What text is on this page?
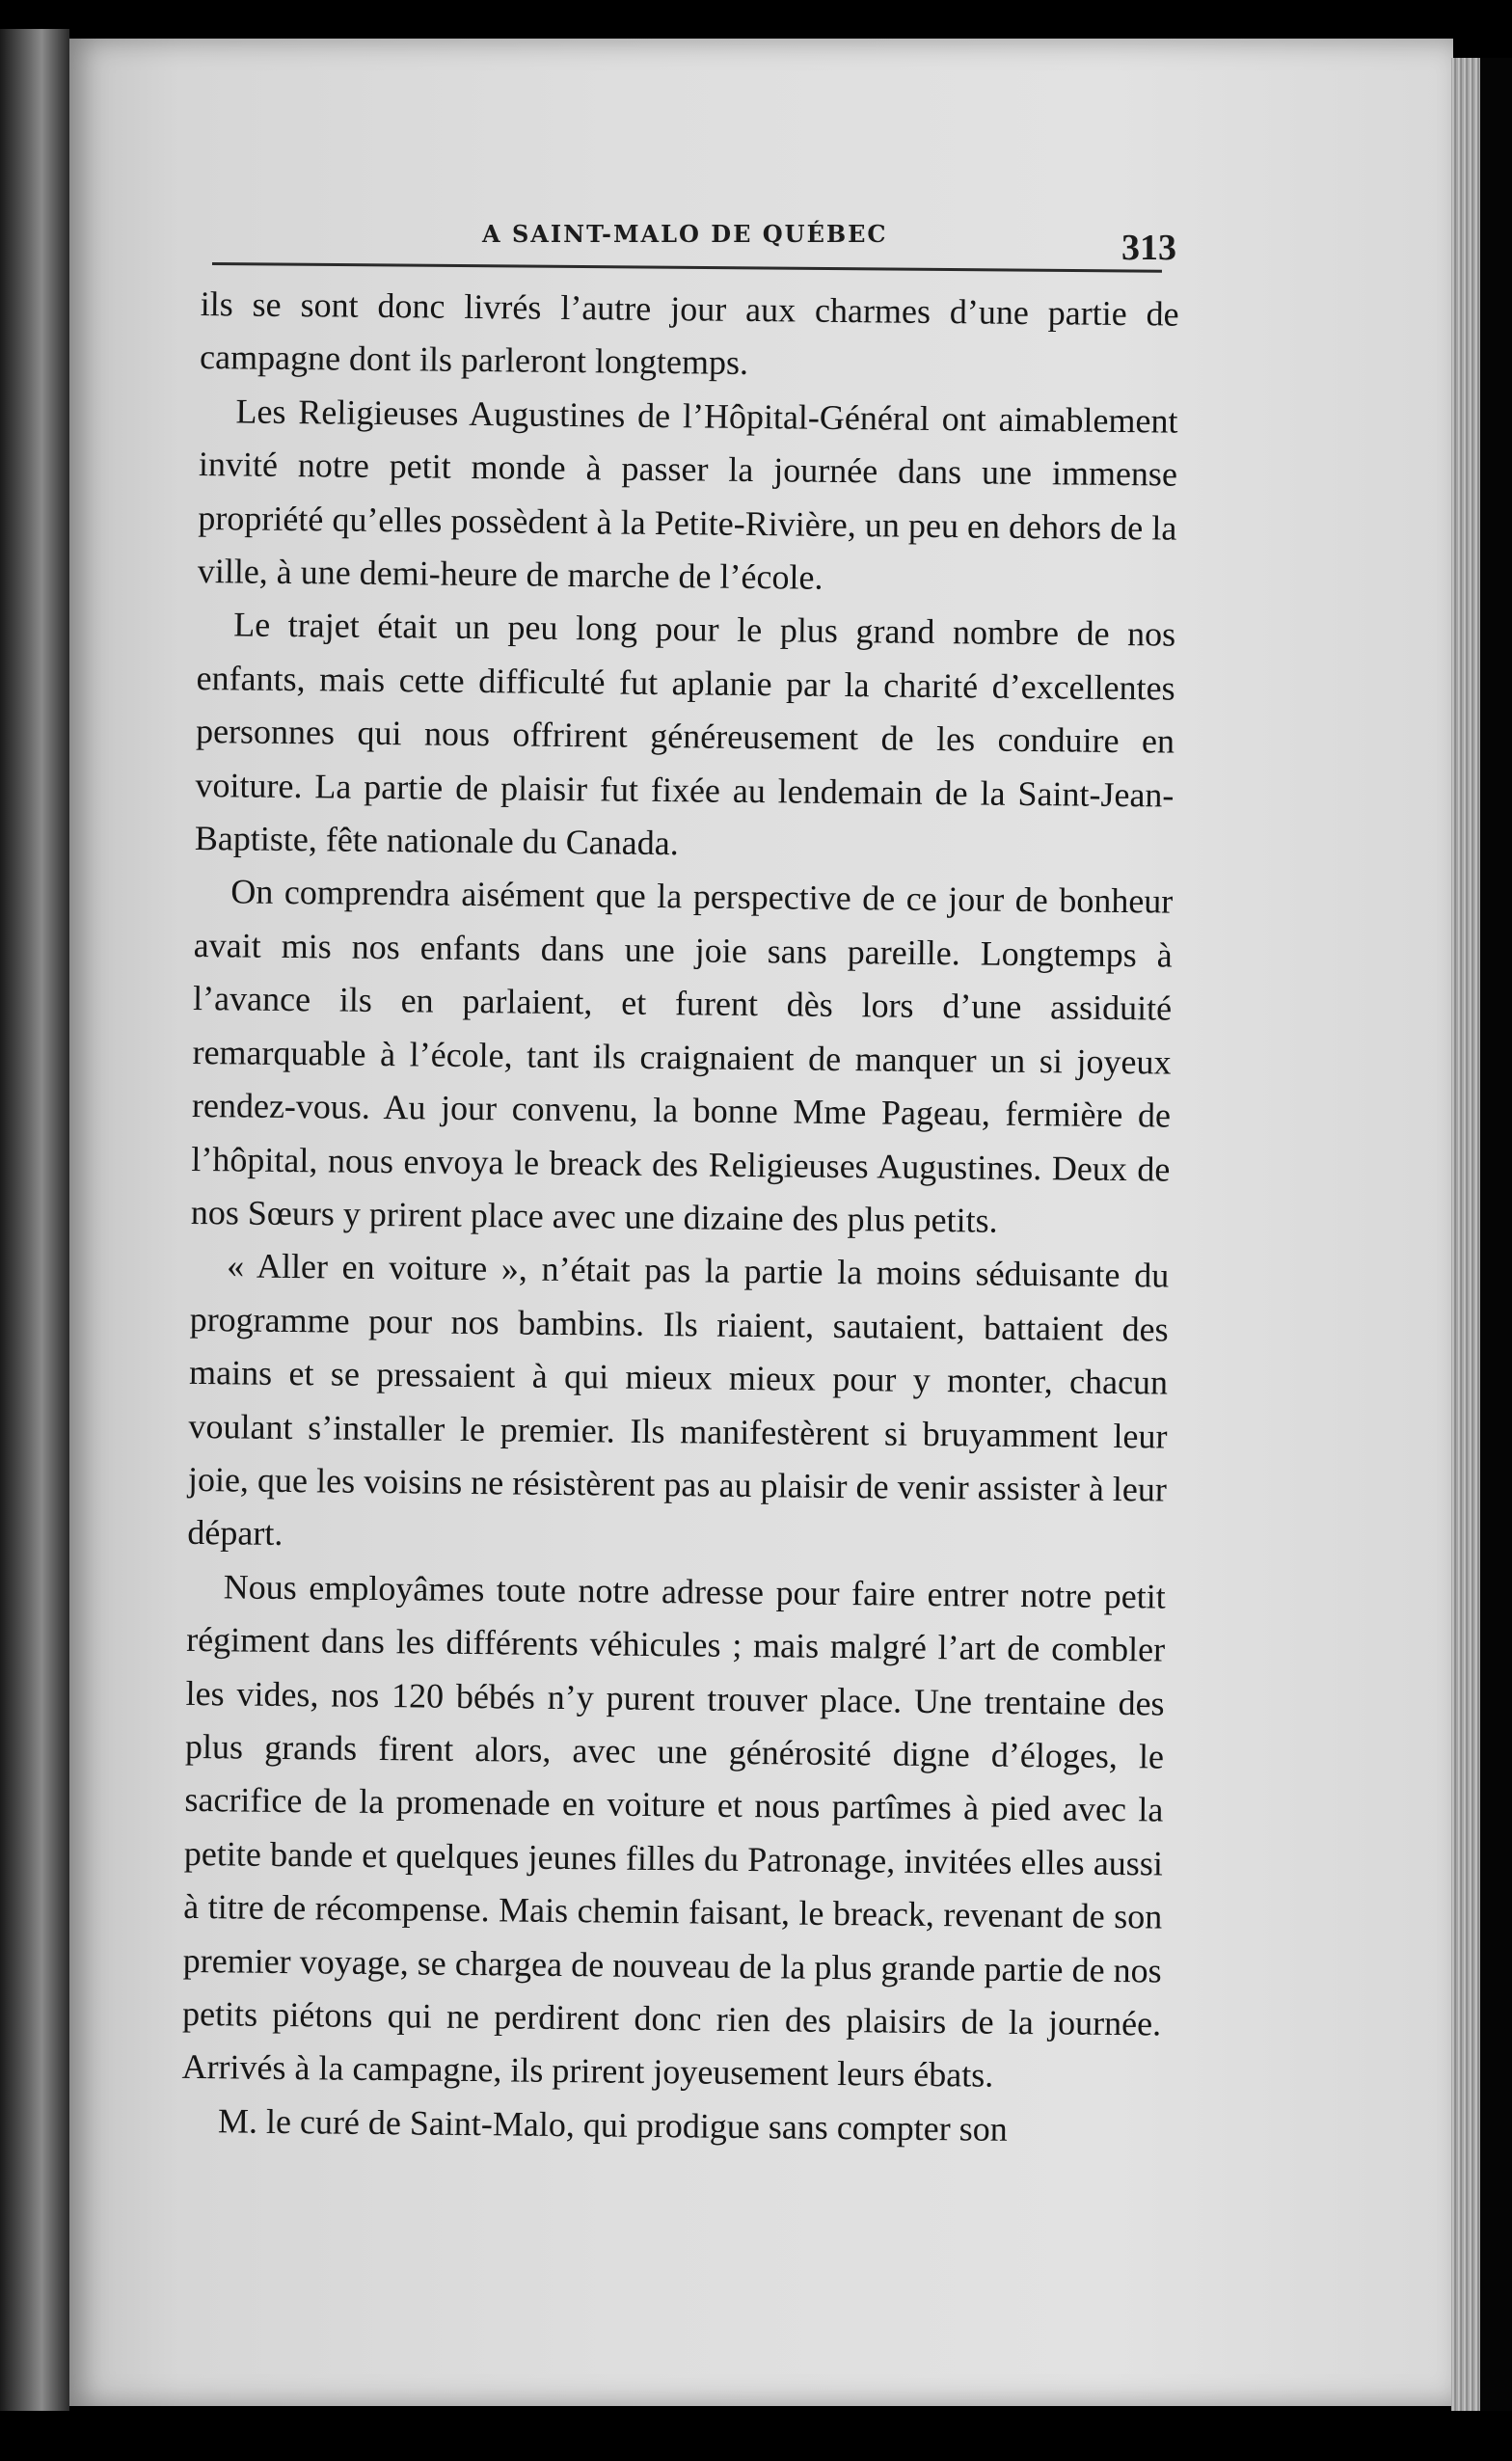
A SAINT-MALO DE QUÉBEC	313

ils se sont donc livrés l’autre jour aux charmes d’une partie de campagne dont ils parleront longtemps.

Les Religieuses Augustines de l’Hôpital-Général ont aimablement invité notre petit monde à passer la journée dans une immense propriété qu’elles possèdent à la Petite-Rivière, un peu en dehors de la ville, à une demi-heure de marche de l’école.

Le trajet était un peu long pour le plus grand nombre de nos enfants, mais cette difficulté fut aplanie par la charité d’excellentes personnes qui nous offrirent généreusement de les conduire en voiture. La partie de plaisir fut fixée au lendemain de la Saint-Jean-Baptiste, fête nationale du Canada.

On comprendra aisément que la perspective de ce jour de bonheur avait mis nos enfants dans une joie sans pareille. Longtemps à l’avance ils en parlaient, et furent dès lors d’une assiduité remarquable à l’école, tant ils craignaient de manquer un si joyeux rendez-vous. Au jour convenu, la bonne Mme Pageau, fermière de l’hôpital, nous envoya le breack des Religieuses Augustines. Deux de nos Sœurs y prirent place avec une dizaine des plus petits.

« Aller en voiture », n’était pas la partie la moins séduisante du programme pour nos bambins. Ils riaient, sautaient, battaient des mains et se pressaient à qui mieux mieux pour y monter, chacun voulant s’installer le premier. Ils manifestèrent si bruyamment leur joie, que les voisins ne résistèrent pas au plaisir de venir assister à leur départ.

Nous employâmes toute notre adresse pour faire entrer notre petit régiment dans les différents véhicules ; mais malgré l’art de combler les vides, nos 120 bébés n’y purent trouver place. Une trentaine des plus grands firent alors, avec une générosité digne d’éloges, le sacrifice de la promenade en voiture et nous partîmes à pied avec la petite bande et quelques jeunes filles du Patronage, invitées elles aussi à titre de récompense. Mais chemin faisant, le breack, revenant de son premier voyage, se chargea de nouveau de la plus grande partie de nos petits piétons qui ne perdirent donc rien des plaisirs de la journée. Arrivés à la campagne, ils prirent joyeusement leurs ébats.

M. le curé de Saint-Malo, qui prodigue sans compter son
